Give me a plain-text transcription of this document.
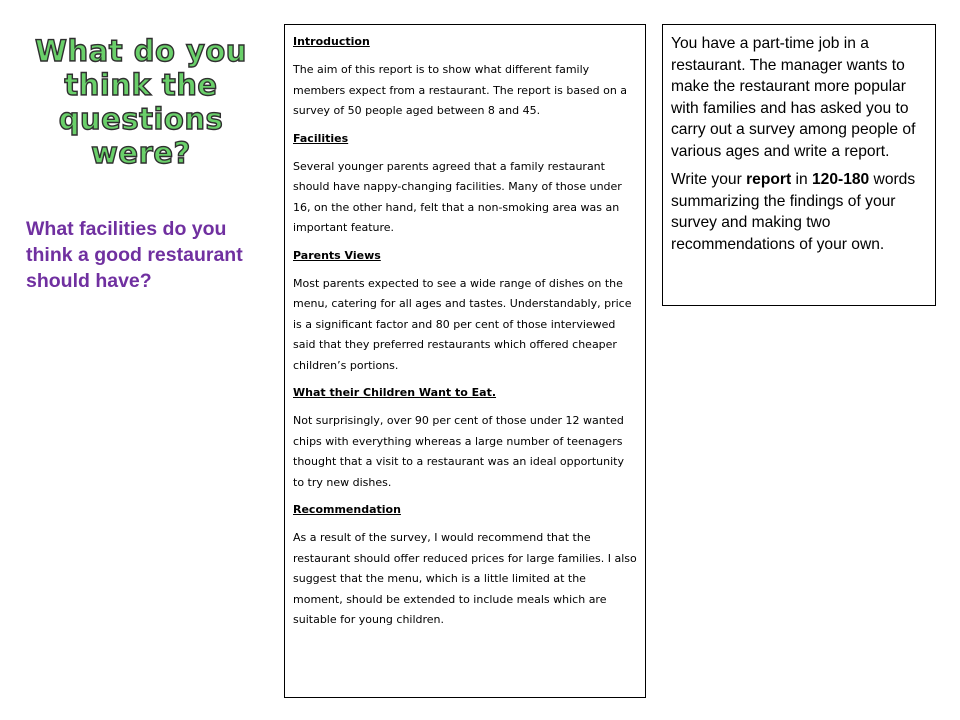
What do you think the questions were?
What facilities do you think a good restaurant should have?
Introduction

The aim of this report is to show what different family members expect from a restaurant. The report is based on a survey of 50 people aged between 8 and 45.

Facilities

Several younger parents agreed that a family restaurant should have nappy-changing facilities. Many of those under 16, on the other hand, felt that a non-smoking area was an important feature.

Parents Views

Most parents expected to see a wide range of dishes on the menu, catering for all ages and tastes. Understandably, price is a significant factor and 80 per cent of those interviewed said that they preferred restaurants which offered cheaper children’s portions.

What their Children Want to Eat.

Not surprisingly, over 90 per cent of those under 12 wanted chips with everything whereas a large number of teenagers thought that a visit to a restaurant was an ideal opportunity to try new dishes.

Recommendation

As a result of the survey, I would recommend that the restaurant should offer reduced prices for large families. I also suggest that the menu, which is a little limited at the moment, should be extended to include meals which are suitable for young children.

You have a part-time job in a restaurant. The manager wants to make the restaurant more popular with families and has asked you to carry out a survey among people of various ages and write a report.

Write your report in 120-180 words summarizing the findings of your survey and making two recommendations of your own.
